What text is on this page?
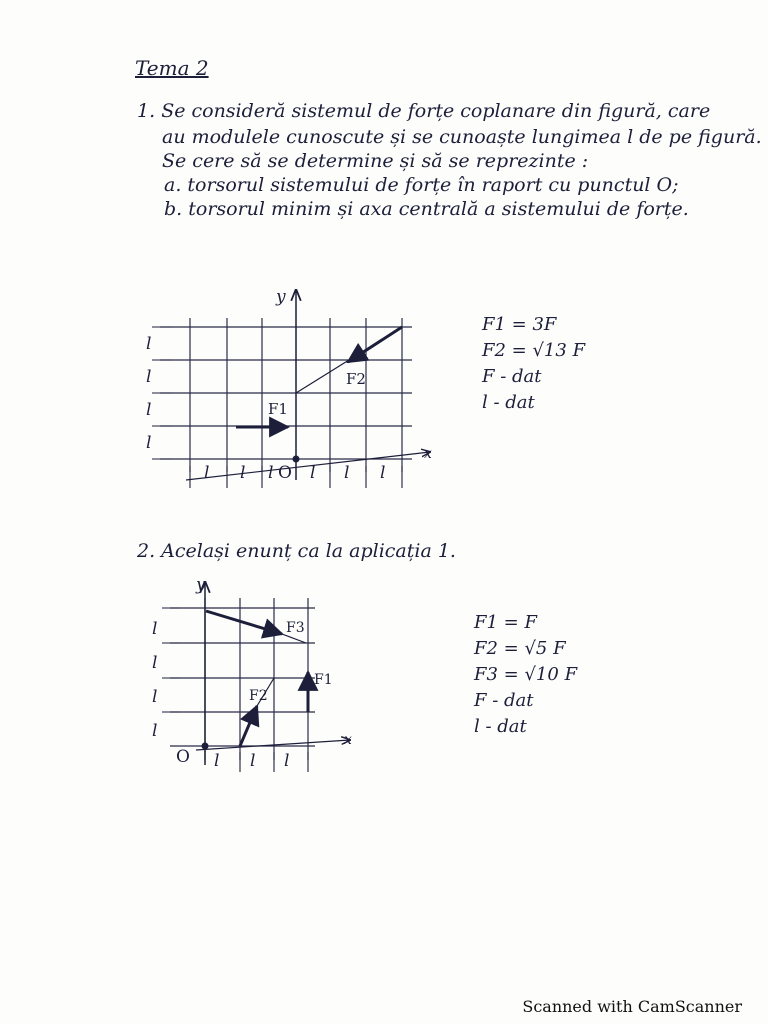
Tema 2
1. Se consideră sistemul de forțe coplanare din figură, care
au modulele cunoscute și se cunoaște lungimea l de pe figură.
Se cere să se determine și să se reprezinte :
a. torsorul sistemului de forțe în raport cu punctul O;
b. torsorul minim și axa centrală a sistemului de forțe.
l l l l l l
l
l
l
l
O
y
x
F1
F2
F1 = 3F
F2 = √13 F
F - dat
l - dat
2. Același enunț ca la aplicația 1.
l l l
l
l
l
l
O
y
x
F1
F2
F3	F1 = F
F2 = √5 F
F3 = √10 F
F - dat
l - dat
Scanned with CamScanner
